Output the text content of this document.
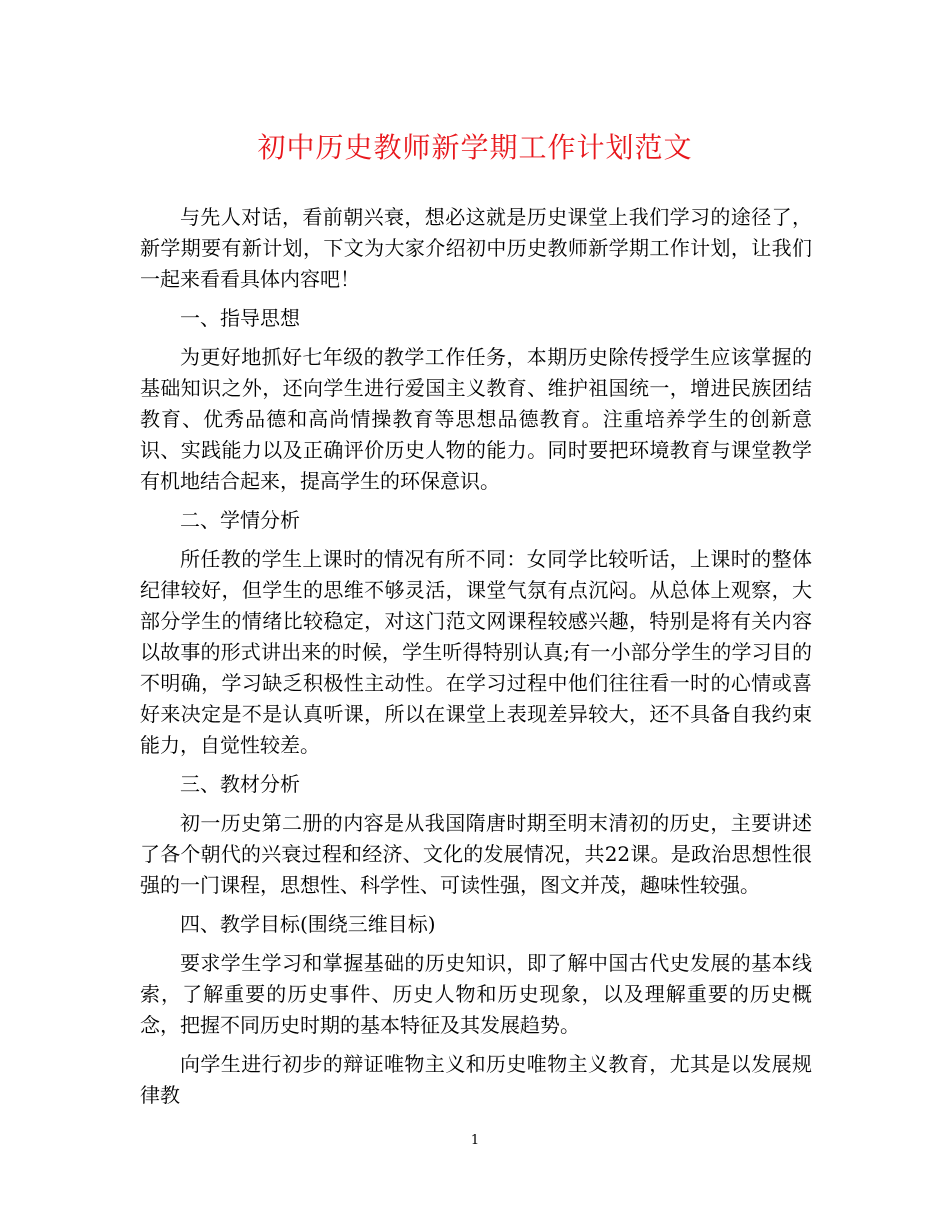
初中历史教师新学期工作计划范文

与先人对话，看前朝兴衰，想必这就是历史课堂上我们学习的途径了，新学期要有新计划，下文为大家介绍初中历史教师新学期工作计划，让我们一起来看看具体内容吧！

一、指导思想

为更好地抓好七年级的教学工作任务，本期历史除传授学生应该掌握的基础知识之外，还向学生进行爱国主义教育、维护祖国统一，增进民族团结教育、优秀品德和高尚情操教育等思想品德教育。注重培养学生的创新意识、实践能力以及正确评价历史人物的能力。同时要把环境教育与课堂教学有机地结合起来，提高学生的环保意识。

二、学情分析

所任教的学生上课时的情况有所不同：女同学比较听话，上课时的整体纪律较好，但学生的思维不够灵活，课堂气氛有点沉闷。从总体上观察，大部分学生的情绪比较稳定，对这门范文网课程较感兴趣，特别是将有关内容以故事的形式讲出来的时候，学生听得特别认真;有一小部分学生的学习目的不明确，学习缺乏积极性主动性。在学习过程中他们往往看一时的心情或喜好来决定是不是认真听课，所以在课堂上表现差异较大，还不具备自我约束能力，自觉性较差。

三、教材分析

初一历史第二册的内容是从我国隋唐时期至明末清初的历史，主要讲述了各个朝代的兴衰过程和经济、文化的发展情况，共22课。是政治思想性很强的一门课程，思想性、科学性、可读性强，图文并茂，趣味性较强。

四、教学目标(围绕三维目标)

要求学生学习和掌握基础的历史知识，即了解中国古代史发展的基本线索，了解重要的历史事件、历史人物和历史现象，以及理解重要的历史概念，把握不同历史时期的基本特征及其发展趋势。

向学生进行初步的辩证唯物主义和历史唯物主义教育，尤其是以发展规律教

1
